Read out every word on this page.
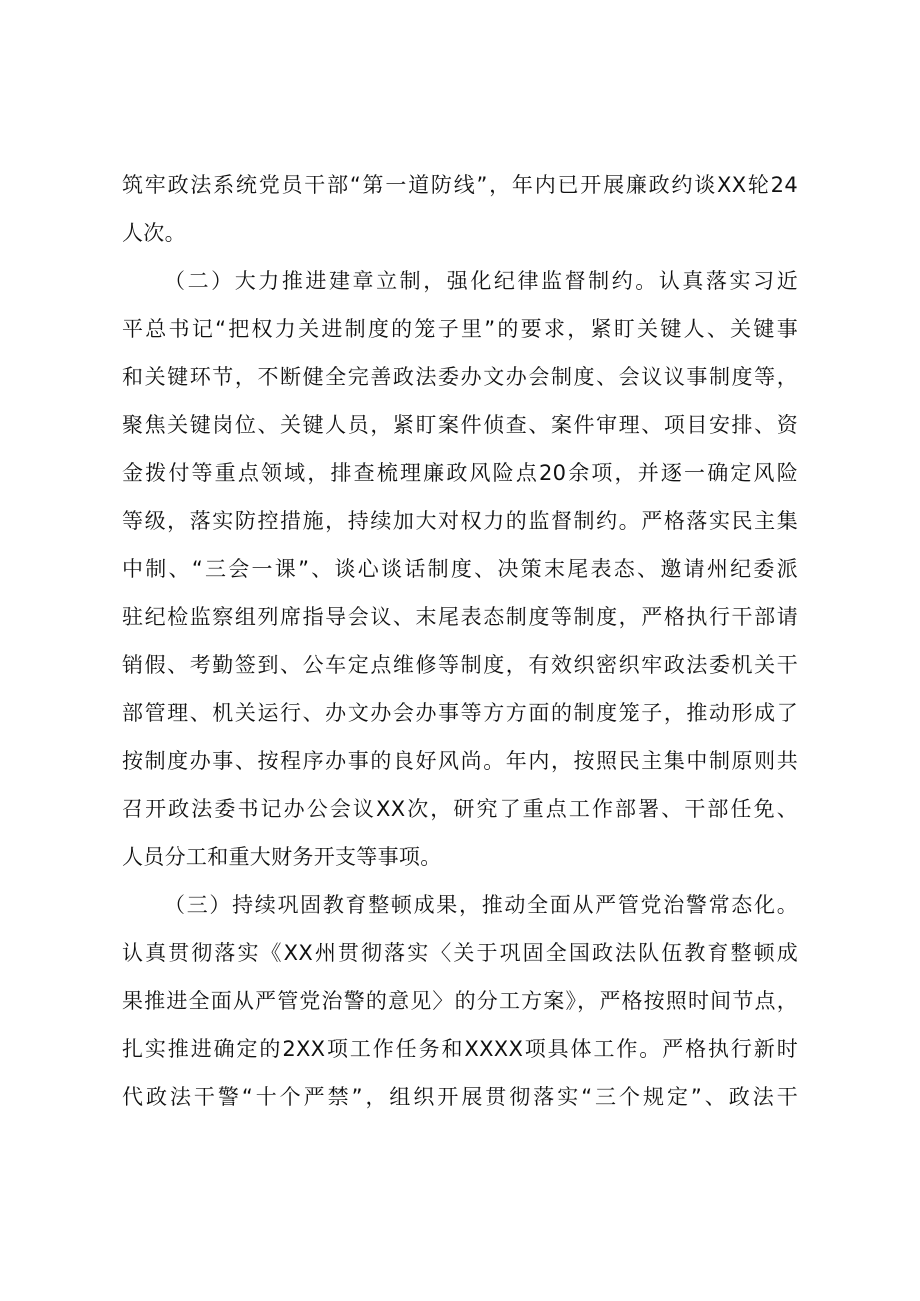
筑牢政法系统党员干部“第一道防线”，年内已开展廉政约谈XX轮24
人次。
（二）大力推进建章立制，强化纪律监督制约。认真落实习近
平总书记“把权力关进制度的笼子里”的要求，紧盯关键人、关键事
和关键环节，不断健全完善政法委办文办会制度、会议议事制度等，
聚焦关键岗位、关键人员，紧盯案件侦查、案件审理、项目安排、资
金拨付等重点领域，排查梳理廉政风险点20余项，并逐一确定风险
等级，落实防控措施，持续加大对权力的监督制约。严格落实民主集
中制、“三会一课”、谈心谈话制度、决策末尾表态、邀请州纪委派
驻纪检监察组列席指导会议、末尾表态制度等制度，严格执行干部请
销假、考勤签到、公车定点维修等制度，有效织密织牢政法委机关干
部管理、机关运行、办文办会办事等方方面的制度笼子，推动形成了
按制度办事、按程序办事的良好风尚。年内，按照民主集中制原则共
召开政法委书记办公会议XX次，研究了重点工作部署、干部任免、
人员分工和重大财务开支等事项。
（三）持续巩固教育整顿成果，推动全面从严管党治警常态化。
认真贯彻落实《XX州贯彻落实〈关于巩固全国政法队伍教育整顿成
果推进全面从严管党治警的意见〉的分工方案》，严格按照时间节点，
扎实推进确定的2XX项工作任务和XXXX项具体工作。严格执行新时
代政法干警“十个严禁”，组织开展贯彻落实“三个规定”、政法干
